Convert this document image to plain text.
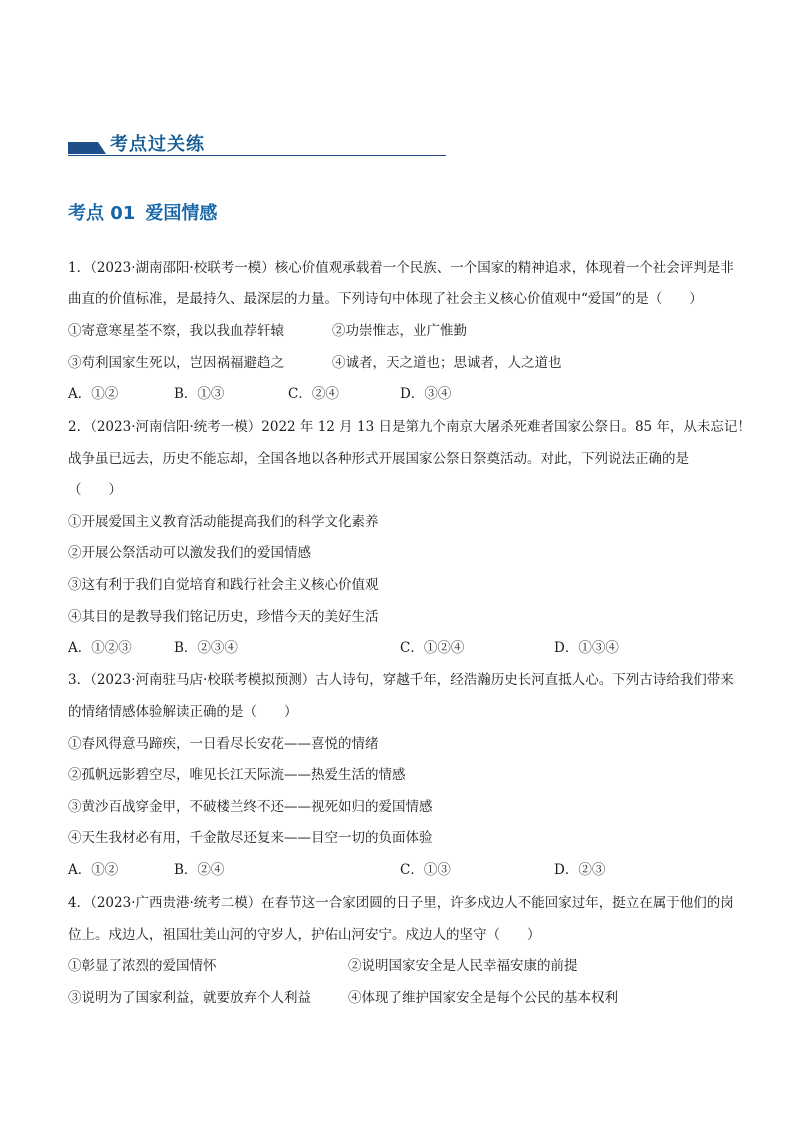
考点过关练
考点 01 爱国情感
1．（2023·湖南邵阳·校联考一模）核心价值观承载着一个民族、一个国家的精神追求，体现着一个社会评判是非
曲直的价值标准，是最持久、最深层的力量。下列诗句中体现了社会主义核心价值观中“爱国”的是（　　）
①寄意寒星荃不察，我以我血荐轩辕	②功崇惟志，业广惟勤
③苟利国家生死以，岂因祸福避趋之	④诚者，天之道也；思诚者，人之道也
A．①②	B．①③	C．②④	D．③④
2．（2023·河南信阳·统考一模）2022 年 12 月 13 日是第九个南京大屠杀死难者国家公祭日。85 年，从未忘记！
战争虽已远去，历史不能忘却，全国各地以各种形式开展国家公祭日祭奠活动。对此，下列说法正确的是
（　　）
①开展爱国主义教育活动能提高我们的科学文化素养
②开展公祭活动可以激发我们的爱国情感
③这有利于我们自觉培育和践行社会主义核心价值观
④其目的是教导我们铭记历史，珍惜今天的美好生活
A．①②③	B．②③④	C．①②④	D．①③④
3．（2023·河南驻马店·校联考模拟预测）古人诗句，穿越千年，经浩瀚历史长河直抵人心。下列古诗给我们带来
的情绪情感体验解读正确的是（　　）
①春风得意马蹄疾，一日看尽长安花——喜悦的情绪
②孤帆远影碧空尽，唯见长江天际流——热爱生活的情感
③黄沙百战穿金甲，不破楼兰终不还——视死如归的爱国情感
④天生我材必有用，千金散尽还复来——目空一切的负面体验
A．①②	B．②④	C．①③	D．②③
4．（2023·广西贵港·统考二模）在春节这一合家团圆的日子里，许多戍边人不能回家过年，挺立在属于他们的岗
位上。戍边人，祖国壮美山河的守岁人，护佑山河安宁。戍边人的坚守（　　）
①彰显了浓烈的爱国情怀	②说明国家安全是人民幸福安康的前提
③说明为了国家利益，就要放弃个人利益	④体现了维护国家安全是每个公民的基本权利
